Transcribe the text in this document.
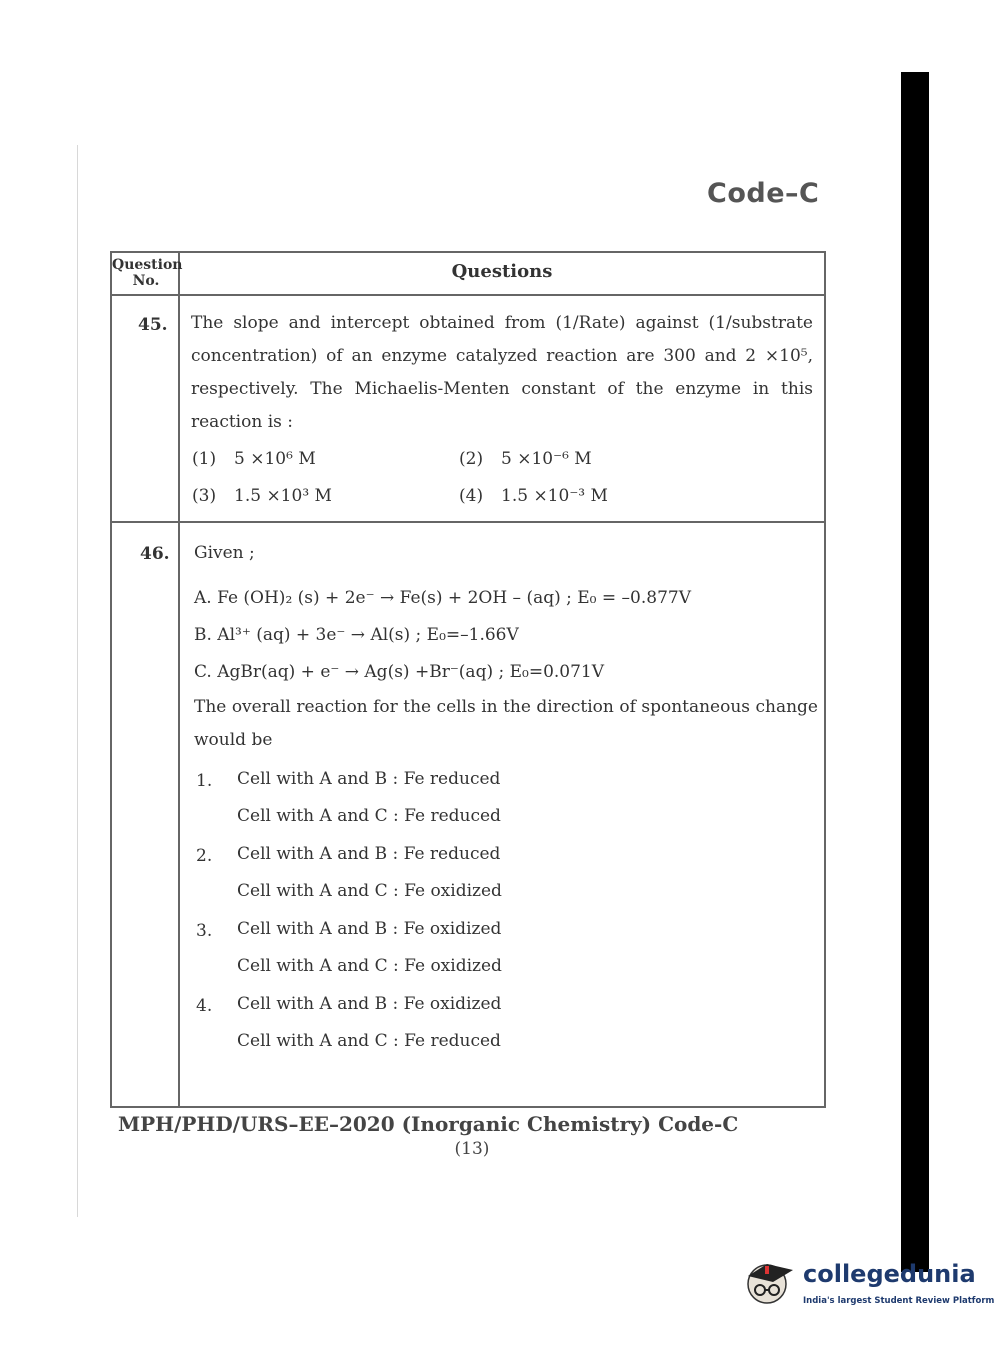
Code–C
Question No.	Questions
45. The slope and intercept obtained from (1/Rate) against (1/substrate concentration) of an enzyme catalyzed reaction are 300 and 2 ×10⁵, respectively. The Michaelis-Menten constant of the enzyme in this reaction is :
(1) 5 ×10⁶ M	(2) 5 ×10⁻⁶ M
(3) 1.5 ×10³ M	(4) 1.5 ×10⁻³ M
46. Given ;
A. Fe (OH)₂ (s) + 2e⁻ → Fe(s) + 2OH – (aq) ; E₀ = –0.877V
B. Al³⁺ (aq) + 3e⁻ → Al(s) ; E₀=–1.66V
C. AgBr(aq) + e⁻ → Ag(s) +Br⁻(aq) ; E₀=0.071V
The overall reaction for the cells in the direction of spontaneous change would be
1. Cell with A and B : Fe reduced
Cell with A and C : Fe reduced
2. Cell with A and B : Fe reduced
Cell with A and C : Fe oxidized
3. Cell with A and B : Fe oxidized
Cell with A and C : Fe oxidized
4. Cell with A and B : Fe oxidized
Cell with A and C : Fe reduced
MPH/PHD/URS–EE–2020 (Inorganic Chemistry) Code-C
(13)
collegedunia
India's largest Student Review Platform
